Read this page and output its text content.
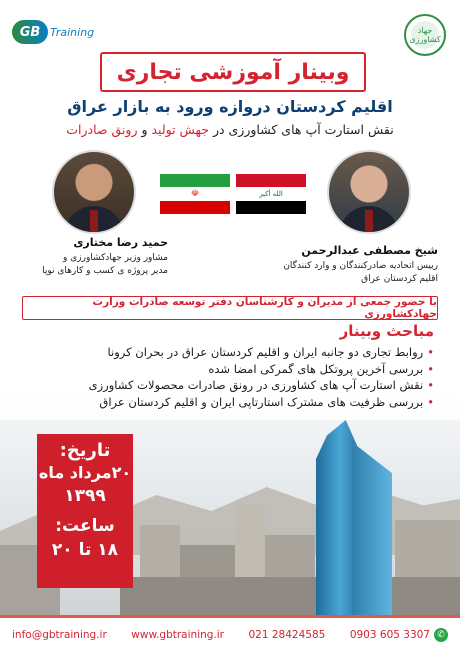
GB Training	جهاد کشاورزی
وبینار آموزشی تجاری
اقلیم کردستان دروازه ورود به بازار عراق
نقش استارت آپ های کشاورزی در جهش تولید و رونق صادرات
☫	الله أكبر
حمید رضا مختاری
مشاور وزیر جهادکشاورزی و
مدیر پروژه ی کسب و کارهای نوپا
شیخ مصطفی عبدالرحمن
رییس اتحادیه صادرکنندگان و وارد کنندگان
اقلیم کردستان عراق
با حضور جمعی از مدیران و کارشناسان دفتر توسعه صادرات وزارت جهادکشاورزی
مباحث وبینار
•روابط تجاری دو جانبه ایران و اقلیم کردستان عراق در بحران کرونا
•بررسی آخرین پروتکل های گمرکی امضا شده
•نقش استارت آپ های کشاورزی در رونق صادرات محصولات کشاورزی
•بررسی ظرفیت های مشترک استارتاپی ایران و اقلیم کردستان عراق
تاریخ:
۲۰مرداد ماه
۱۳۹۹
ساعت:
۱۸ تا ۲۰
info@gbtraining.ir www.gbtraining.ir 021 28424585 0903 605 3307 ✆
